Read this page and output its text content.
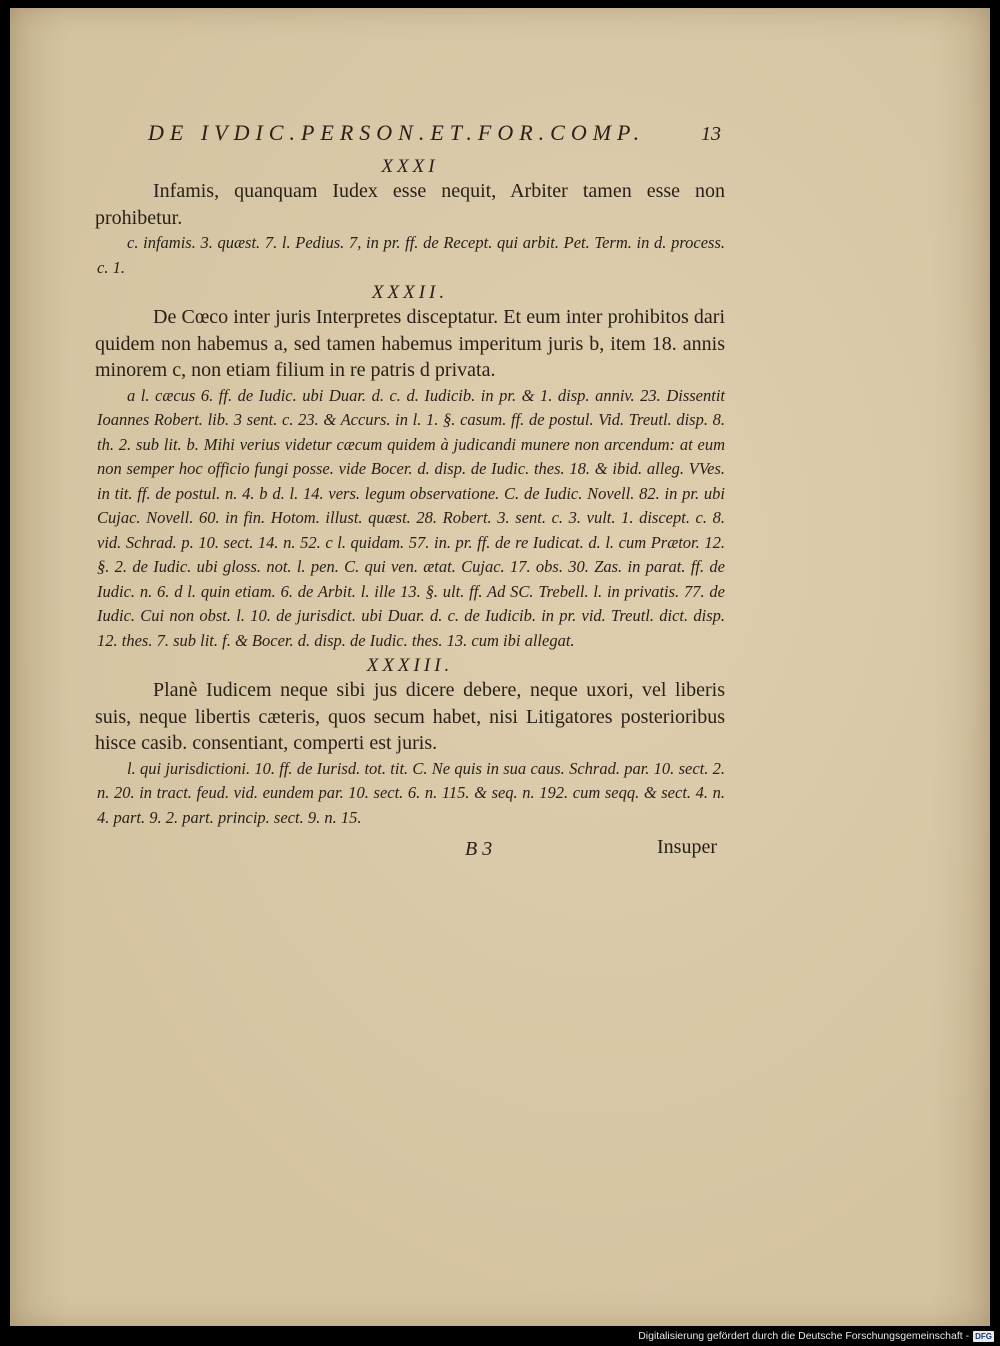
DE IVDIC.PERSON.ET.FOR.COMP.	13
XXXI

Infamis, quanquam Iudex esse nequit, Arbiter tamen esse non prohibetur.

c. infamis. 3. quæst. 7. l. Pedius. 7, in pr. ff. de Recept. qui arbit. Pet. Term. in d. process. c. 1.

XXXII.

De Cœco inter juris Interpretes disceptatur. Et eum inter prohibitos dari quidem non habemus a, sed tamen habemus imperitum juris b, item 18. annis minorem c, non etiam filium in re patris d privata.

a l. cæcus 6. ff. de Iudic. ubi Duar. d. c. d. Iudicib. in pr. & 1. disp. anniv. 23. Dissentit Ioannes Robert. lib. 3 sent. c. 23. & Accurs. in l. 1. §. casum. ff. de postul. Vid. Treutl. disp. 8. th. 2. sub lit. b. Mihi verius videtur cæcum quidem à judicandi munere non arcendum: at eum non semper hoc officio fungi posse. vide Bocer. d. disp. de Iudic. thes. 18. & ibid. alleg. VVes. in tit. ff. de postul. n. 4. b d. l. 14. vers. legum observatione. C. de Iudic. Novell. 82. in pr. ubi Cujac. Novell. 60. in fin. Hotom. illust. quæst. 28. Robert. 3. sent. c. 3. vult. 1. discept. c. 8. vid. Schrad. p. 10. sect. 14. n. 52. c l. quidam. 57. in. pr. ff. de re Iudicat. d. l. cum Prætor. 12. §. 2. de Iudic. ubi gloss. not. l. pen. C. qui ven. ætat. Cujac. 17. obs. 30. Zas. in parat. ff. de Iudic. n. 6. d l. quin etiam. 6. de Arbit. l. ille 13. §. ult. ff. Ad SC. Trebell. l. in privatis. 77. de Iudic. Cui non obst. l. 10. de jurisdict. ubi Duar. d. c. de Iudicib. in pr. vid. Treutl. dict. disp. 12. thes. 7. sub lit. f. & Bocer. d. disp. de Iudic. thes. 13. cum ibi allegat.

XXXIII.

Planè Iudicem neque sibi jus dicere debere, neque uxori, vel liberis suis, neque libertis cæteris, quos secum habet, nisi Litigatores posterioribus hisce casib. consentiant, comperti est juris.

l. qui jurisdictioni. 10. ff. de Iurisd. tot. tit. C. Ne quis in sua caus. Schrad. par. 10. sect. 2. n. 20. in tract. feud. vid. eundem par. 10. sect. 6. n. 115. & seq. n. 192. cum seqq. & sect. 4. n. 4. part. 9. 2. part. princip. sect. 9. n. 15.

B 3	Insuper
Digitalisierung gefördert durch die Deutsche Forschungsgemeinschaft - DFG
